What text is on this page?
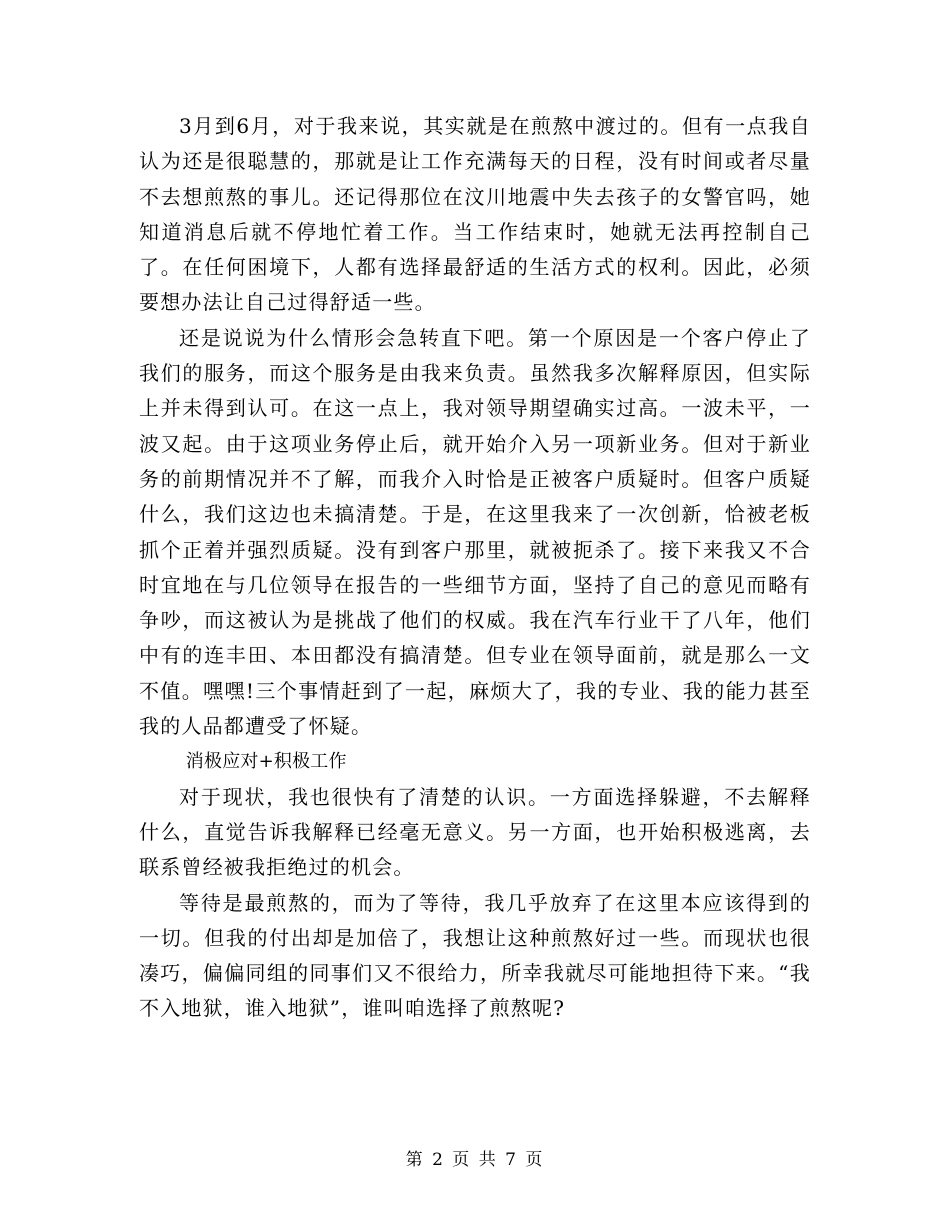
3月到6月，对于我来说，其实就是在煎熬中渡过的。但有一点我自认为还是很聪慧的，那就是让工作充满每天的日程，没有时间或者尽量不去想煎熬的事儿。还记得那位在汶川地震中失去孩子的女警官吗，她知道消息后就不停地忙着工作。当工作结束时，她就无法再控制自己了。在任何困境下，人都有选择最舒适的生活方式的权利。因此，必须要想办法让自己过得舒适一些。

还是说说为什么情形会急转直下吧。第一个原因是一个客户停止了我们的服务，而这个服务是由我来负责。虽然我多次解释原因，但实际上并未得到认可。在这一点上，我对领导期望确实过高。一波未平，一波又起。由于这项业务停止后，就开始介入另一项新业务。但对于新业务的前期情况并不了解，而我介入时恰是正被客户质疑时。但客户质疑什么，我们这边也未搞清楚。于是，在这里我来了一次创新，恰被老板抓个正着并强烈质疑。没有到客户那里，就被扼杀了。接下来我又不合时宜地在与几位领导在报告的一些细节方面，坚持了自己的意见而略有争吵，而这被认为是挑战了他们的权威。我在汽车行业干了八年，他们中有的连丰田、本田都没有搞清楚。但专业在领导面前，就是那么一文不值。嘿嘿!三个事情赶到了一起，麻烦大了，我的专业、我的能力甚至我的人品都遭受了怀疑。

消极应对+积极工作

对于现状，我也很快有了清楚的认识。一方面选择躲避，不去解释什么，直觉告诉我解释已经毫无意义。另一方面，也开始积极逃离，去联系曾经被我拒绝过的机会。

等待是最煎熬的，而为了等待，我几乎放弃了在这里本应该得到的一切。但我的付出却是加倍了，我想让这种煎熬好过一些。而现状也很凑巧，偏偏同组的同事们又不很给力，所幸我就尽可能地担待下来。“我不入地狱，谁入地狱”，谁叫咱选择了煎熬呢?

第 2 页 共 7 页
